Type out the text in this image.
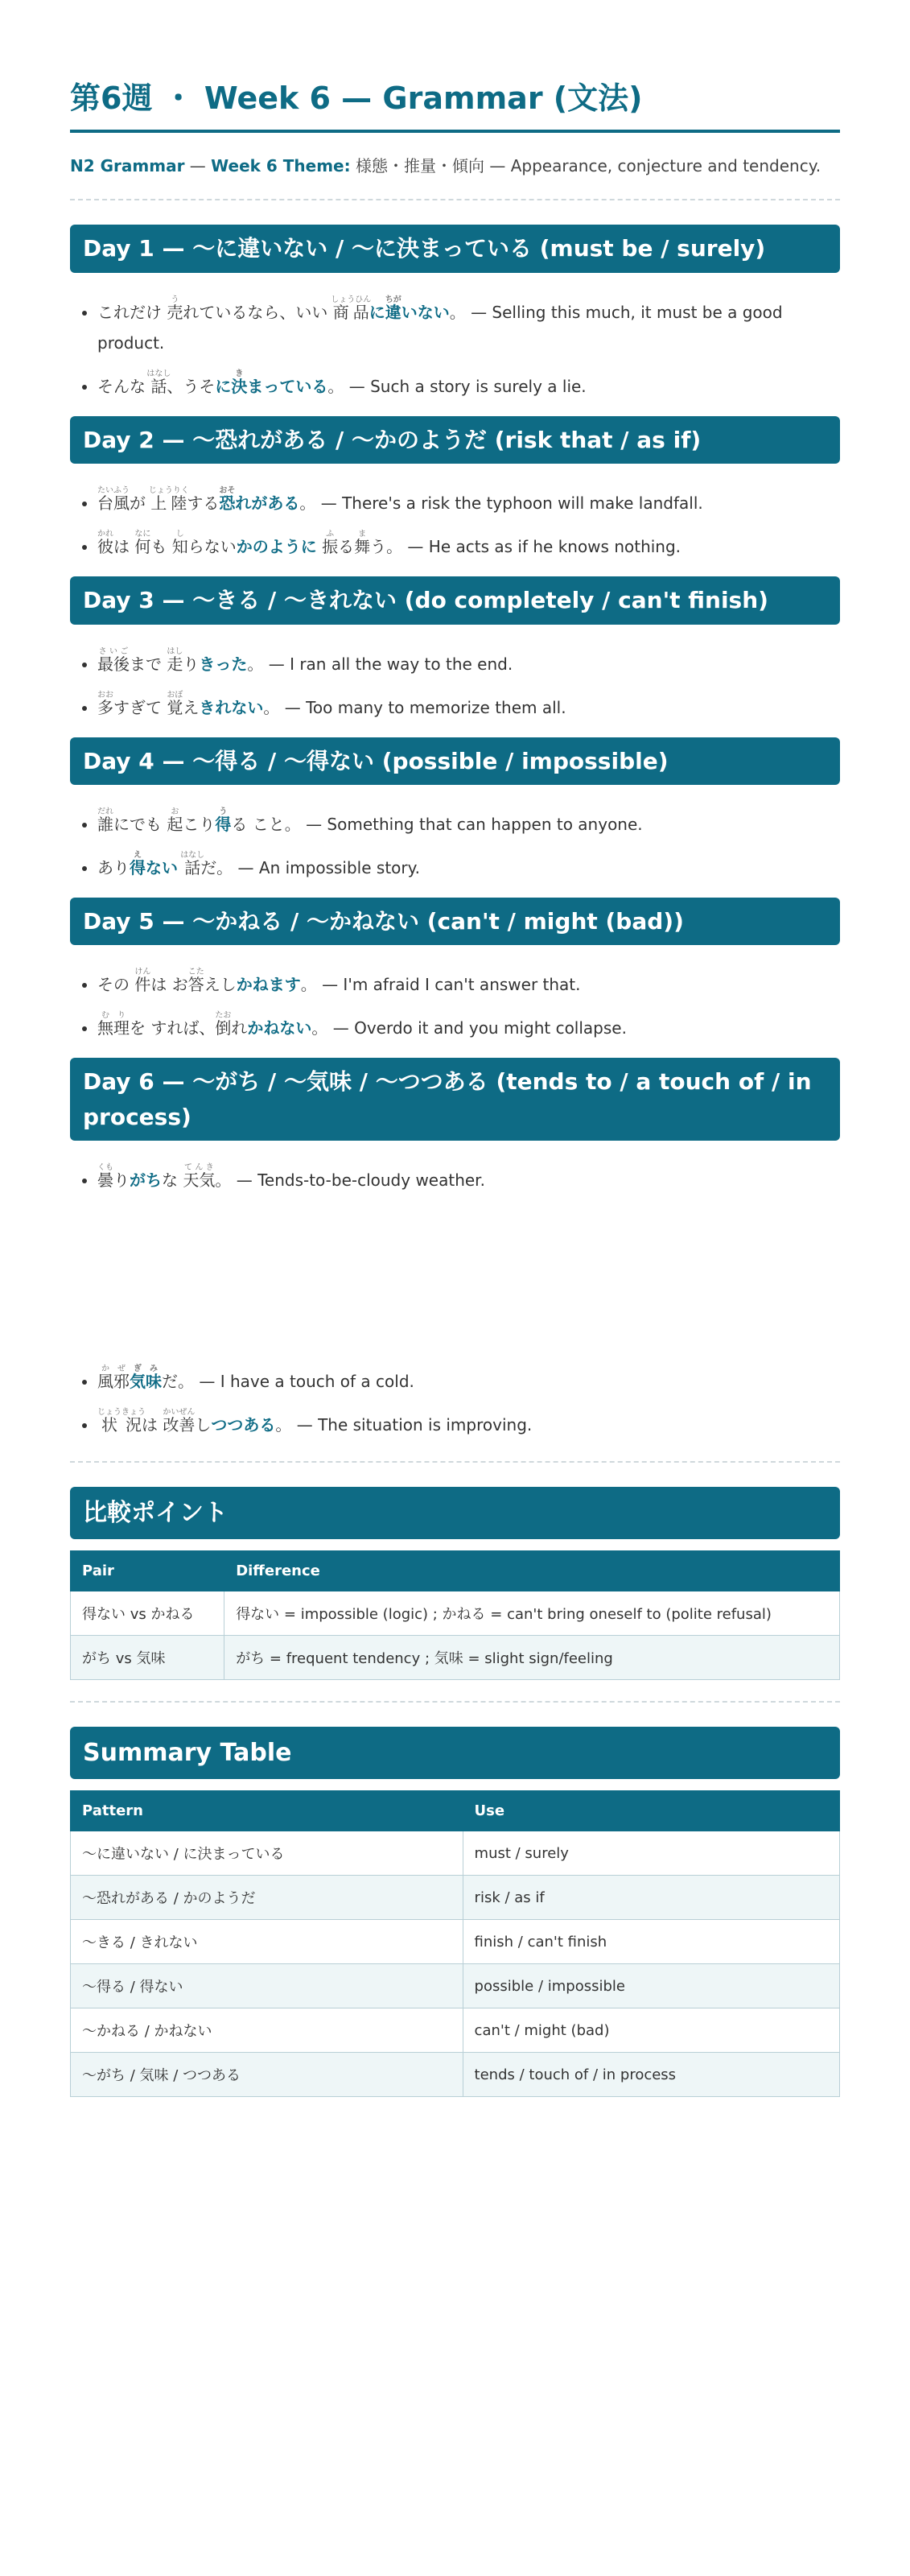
第6週 ・ Week 6 — Grammar (文法)

N2 Grammar — Week 6 Theme: 様態・推量・傾向 — Appearance, conjecture and tendency.

Day 1 — 〜に違いない / 〜に決まっている (must be / surely)
• これだけ 売うれているなら、いい 商品しょうひんに違ちがいない。 — Selling this much, it must be a good product.
• そんな 話はなし、うそに決きまっている。 — Such a story is surely a lie.
Day 2 — 〜恐れがある / 〜かのようだ (risk that / as if)
• 台風たいふうが 上陸じょうりくする恐おそれがある。 — There's a risk the typhoon will make landfall.
• 彼かれは 何なにも 知しらないかのように 振ふる舞まう。 — He acts as if he knows nothing.
Day 3 — 〜きる / 〜きれない (do completely / can't finish)
• 最後さいごまで 走はしりきった。 — I ran all the way to the end.
• 多おおすぎて 覚おぼえきれない。 — Too many to memorize them all.
Day 4 — 〜得る / 〜得ない (possible / impossible)
• 誰だれにでも 起おこり得うる こと。 — Something that can happen to anyone.
• あり得えない 話はなしだ。 — An impossible story.
Day 5 — 〜かねる / 〜かねない (can't / might (bad))
• その 件けんは お答こたえしかねます。 — I'm afraid I can't answer that.
• 無理むりを すれば、倒たおれかねない。 — Overdo it and you might collapse.
Day 6 — 〜がち / 〜気味 / 〜つつある (tends to / a touch of / in process)
• 曇くもりがちな 天気てんき。 — Tends-to-be-cloudy weather.
• 風邪かぜ気味ぎみだ。 — I have a touch of a cold.
• 状況じょうきょうは 改善かいぜんしつつある。 — The situation is improving.
比較ポイント
Pair	Difference
得ない vs かねる	得ない = impossible (logic) ; かねる = can't bring oneself to (polite refusal)
がち vs 気味	がち = frequent tendency ; 気味 = slight sign/feeling
Summary Table
Pattern	Use
〜に違いない / に決まっている	must / surely
〜恐れがある / かのようだ	risk / as if
〜きる / きれない	finish / can't finish
〜得る / 得ない	possible / impossible
〜かねる / かねない	can't / might (bad)
〜がち / 気味 / つつある	tends / touch of / in process
